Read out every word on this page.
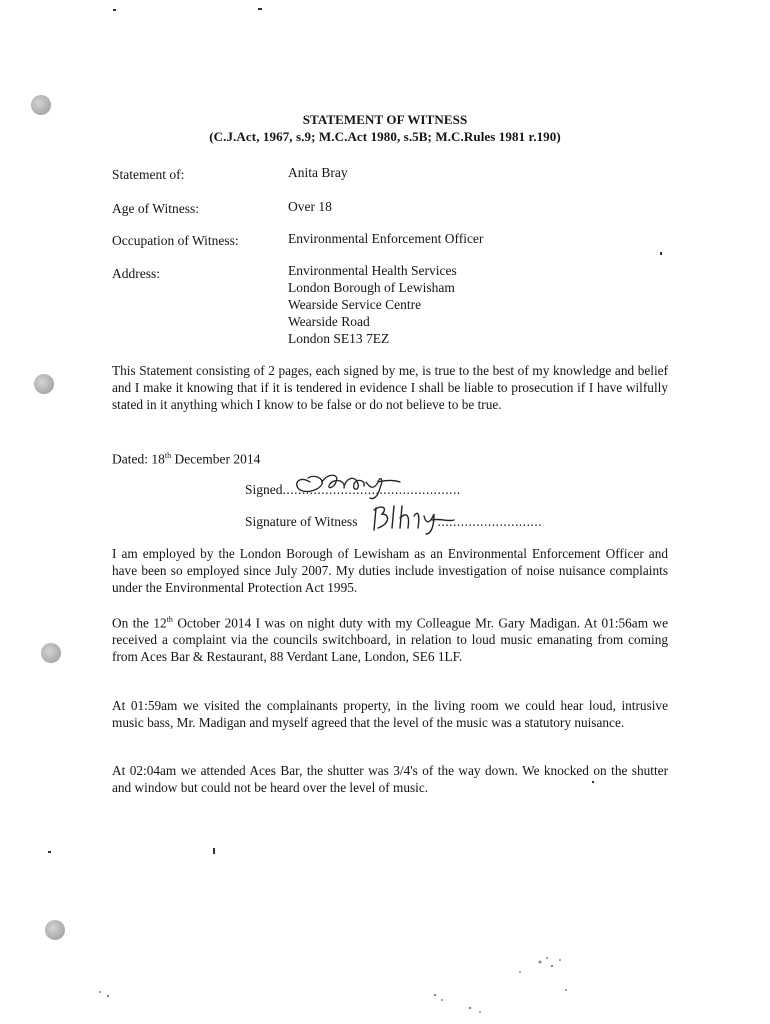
STATEMENT OF WITNESS
(C.J.Act, 1967, s.9; M.C.Act 1980, s.5B; M.C.Rules 1981 r.190)
Statement of:	Anita Bray
Age of Witness:	Over 18
Occupation of Witness:	Environmental Enforcement Officer
Address:	Environmental Health Services
London Borough of Lewisham
Wearside Service Centre
Wearside Road
London SE13 7EZ
This Statement consisting of 2 pages, each signed by me, is true to the best of my knowledge and belief and I make it knowing that if it is tendered in evidence I shall be liable to prosecution if I have wilfully stated in it anything which I know to be false or do not believe to be true.
Dated: 18th December 2014
Signed..............................................
Signature of Witness	...........................
I am employed by the London Borough of Lewisham as an Environmental Enforcement Officer and have been so employed since July 2007. My duties include investigation of noise nuisance complaints under the Environmental Protection Act 1995.
On the 12th October 2014 I was on night duty with my Colleague Mr. Gary Madigan. At 01:56am we received a complaint via the councils switchboard, in relation to loud music emanating from coming from Aces Bar & Restaurant, 88 Verdant Lane, London, SE6 1LF.
At 01:59am we visited the complainants property, in the living room we could hear loud, intrusive music bass, Mr. Madigan and myself agreed that the level of the music was a statutory nuisance.
At 02:04am we attended Aces Bar, the shutter was 3/4's of the way down. We knocked on the shutter and window but could not be heard over the level of music.
